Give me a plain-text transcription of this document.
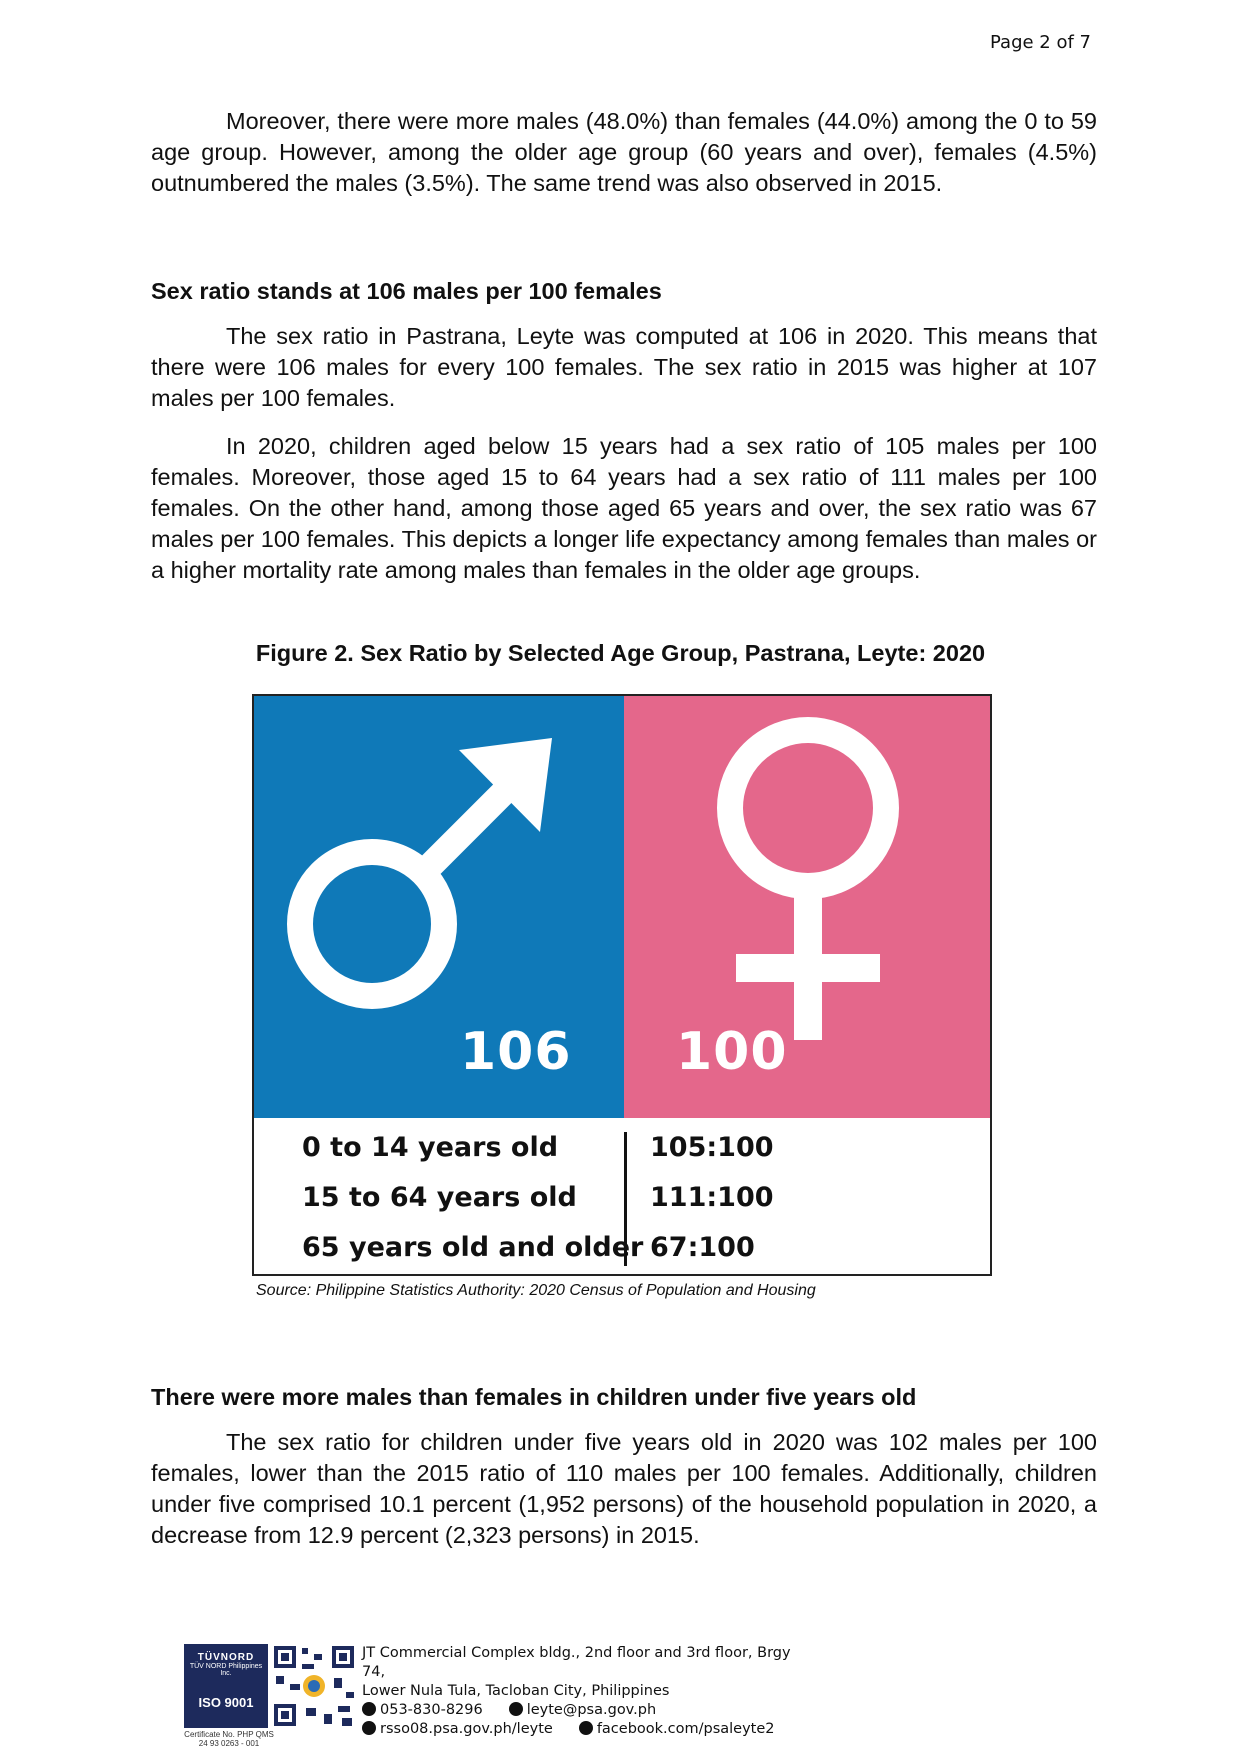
Page 2 of 7

Moreover, there were more males (48.0%) than females (44.0%) among the 0 to 59 age group. However, among the older age group (60 years and over), females (4.5%) outnumbered the males (3.5%). The same trend was also observed in 2015.

Sex ratio stands at 106 males per 100 females

The sex ratio in Pastrana, Leyte was computed at 106 in 2020. This means that there were 106 males for every 100 females. The sex ratio in 2015 was higher at 107 males per 100 females.

In 2020, children aged below 15 years had a sex ratio of 105 males per 100 females. Moreover, those aged 15 to 64 years had a sex ratio of 111 males per 100 females. On the other hand, among those aged 65 years and over, the sex ratio was 67 males per 100 females. This depicts a longer life expectancy among females than males or a higher mortality rate among males than females in the older age groups.

Figure 2. Sex Ratio by Selected Age Group, Pastrana, Leyte: 2020
106 100
0 to 14 years old	105:100
15 to 64 years old	111:100
65 years old and older 67:100

Source: Philippine Statistics Authority: 2020 Census of Population and Housing

There were more males than females in children under five years old

The sex ratio for children under five years old in 2020 was 102 males per 100 females, lower than the 2015 ratio of 110 males per 100 females. Additionally, children under five comprised 10.1 percent (1,952 persons) of the household population in 2020, a decrease from 12.9 percent (2,323 persons) in 2015.

TÜVNORD
TÜV NORD Philippines Inc.
ISO 9001
Certificate No. PHP QMS 24 93 0263 - 001
JT Commercial Complex bldg., 2nd floor and 3rd floor, Brgy 74,
Lower Nula Tula, Tacloban City, Philippines
053-830-8296	leyte@psa.gov.ph
rsso08.psa.gov.ph/leyte	facebook.com/psaleyte2
